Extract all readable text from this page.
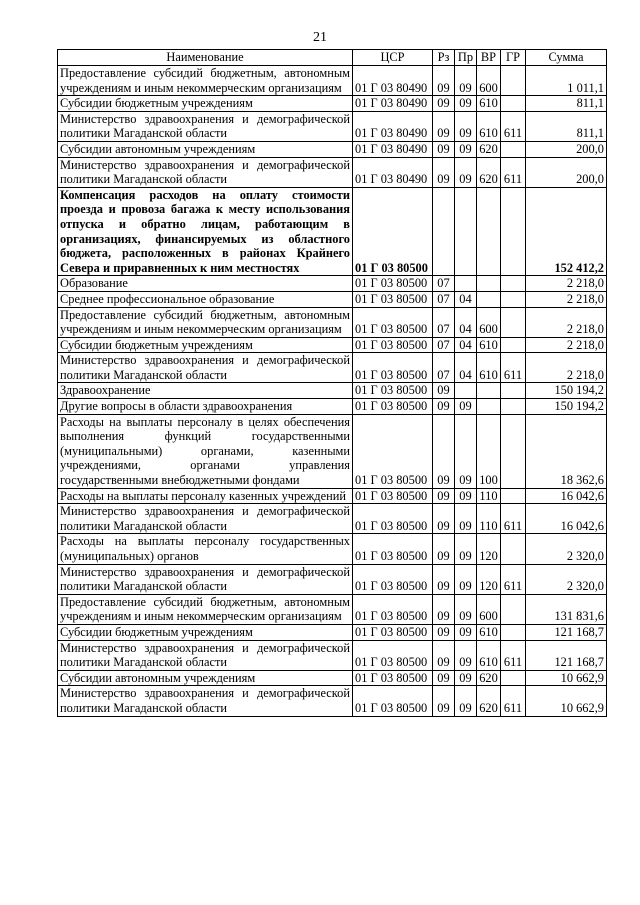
21
Наименование	ЦСР	Рз	Пр	ВР	ГР	Сумма
Предоставление субсидий бюджетным, автономным учреждениям и иным некоммерческим организациям	01 Г 03 80490	09	09	600		1 011,1
Субсидии бюджетным учреждениям	01 Г 03 80490	09	09	610		811,1
Министерство здравоохранения и демографической политики Магаданской области	01 Г 03 80490	09	09	610	611	811,1
Субсидии автономным учреждениям	01 Г 03 80490	09	09	620		200,0
Министерство здравоохранения и демографической политики Магаданской области	01 Г 03 80490	09	09	620	611	200,0
Компенсация расходов на оплату стоимости проезда и провоза багажа к месту использования отпуска и обратно лицам, работающим в организациях, финансируемых из областного бюджета, расположенных в районах Крайнего Севера и приравненных к ним местностях	01 Г 03 80500					152 412,2
Образование	01 Г 03 80500	07				2 218,0
Среднее профессиональное образование	01 Г 03 80500	07	04			2 218,0
Предоставление субсидий бюджетным, автономным учреждениям и иным некоммерческим организациям	01 Г 03 80500	07	04	600		2 218,0
Субсидии бюджетным учреждениям	01 Г 03 80500	07	04	610		2 218,0
Министерство здравоохранения и демографической политики Магаданской области	01 Г 03 80500	07	04	610	611	2 218,0
Здравоохранение	01 Г 03 80500	09				150 194,2
Другие вопросы в области здравоохранения	01 Г 03 80500	09	09			150 194,2
Расходы на выплаты персоналу в целях обеспечения выполнения функций государственными (муниципальными) органами, казенными учреждениями, органами управления государственными внебюджетными фондами	01 Г 03 80500	09	09	100		18 362,6
Расходы на выплаты персоналу казенных учреждений	01 Г 03 80500	09	09	110		16 042,6
Министерство здравоохранения и демографической политики Магаданской области	01 Г 03 80500	09	09	110	611	16 042,6
Расходы на выплаты персоналу государственных (муниципальных) органов	01 Г 03 80500	09	09	120		2 320,0
Министерство здравоохранения и демографической политики Магаданской области	01 Г 03 80500	09	09	120	611	2 320,0
Предоставление субсидий бюджетным, автономным учреждениям и иным некоммерческим организациям	01 Г 03 80500	09	09	600		131 831,6
Субсидии бюджетным учреждениям	01 Г 03 80500	09	09	610		121 168,7
Министерство здравоохранения и демографической политики Магаданской области	01 Г 03 80500	09	09	610	611	121 168,7
Субсидии автономным учреждениям	01 Г 03 80500	09	09	620		10 662,9
Министерство здравоохранения и демографической политики Магаданской области	01 Г 03 80500	09	09	620	611	10 662,9
